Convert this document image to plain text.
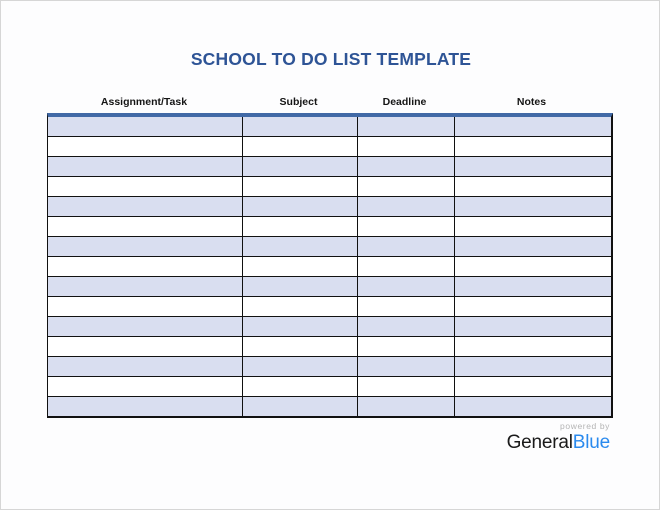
SCHOOL TO DO LIST TEMPLATE
Assignment/Task	Subject	Deadline	Notes

powered by
GeneralBlue
